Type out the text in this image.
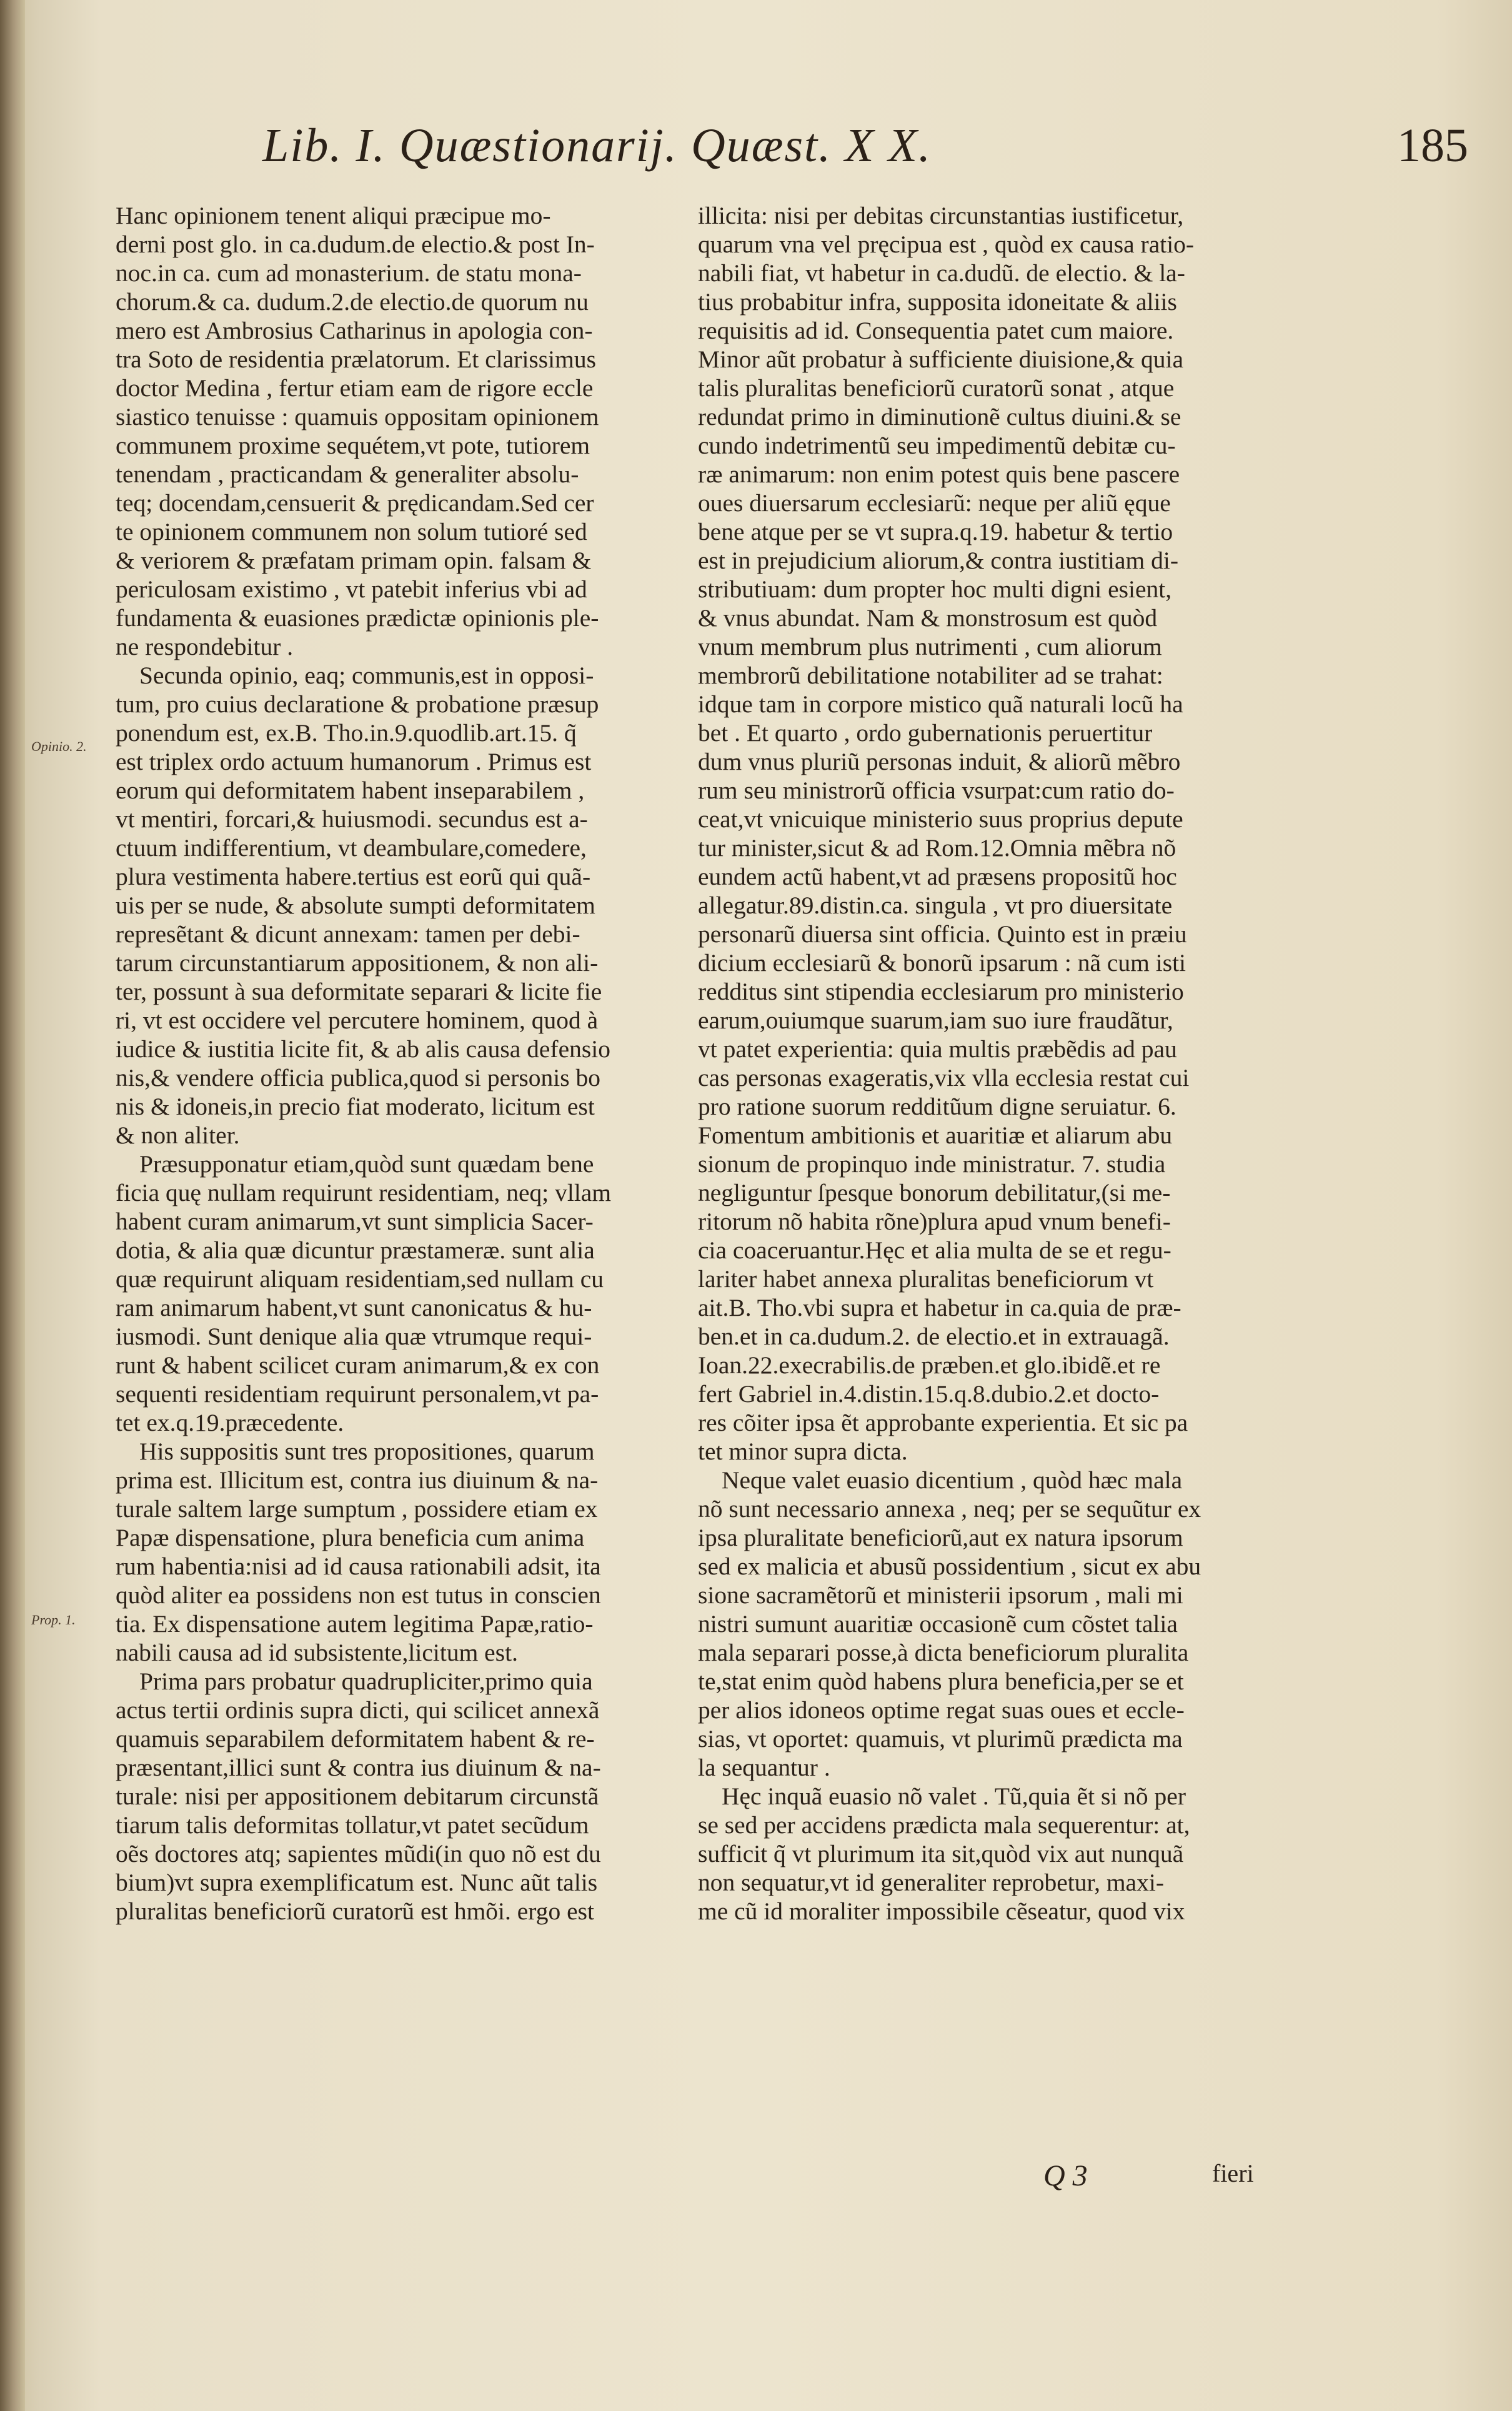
Lib. I. Quæstionarij. Quæst. X X.	185
Opinio. 2.
Prop. 1.

Hanc opinionem tenent aliqui præcipue mo-

derni post glo. in ca.dudum.de electio.& post In-

noc.in ca. cum ad monasterium. de statu mona-

chorum.& ca. dudum.2.de electio.de quorum nu

mero est Ambrosius Catharinus in apologia con-

tra Soto de residentia prælatorum. Et clarissimus

doctor Medina , fertur etiam eam de rigore eccle

siastico tenuisse : quamuis oppositam opinionem

communem proxime sequétem,vt pote, tutiorem

tenendam , practicandam & generaliter absolu-

teq; docendam,censuerit & prędicandam.Sed cer

te opinionem communem non solum tutioré sed

& veriorem & præfatam primam opin. falsam &

periculosam existimo , vt patebit inferius vbi ad

fundamenta & euasiones prædictæ opinionis ple-

ne respondebitur .

Secunda opinio, eaq; communis,est in opposi-

tum, pro cuius declaratione & probatione præsup

ponendum est, ex.B. Tho.in.9.quodlib.art.15. q̃

est triplex ordo actuum humanorum . Primus est

eorum qui deformitatem habent inseparabilem ,

vt mentiri, forcari,& huiusmodi. secundus est a-

ctuum indifferentium, vt deambulare,comedere,

plura vestimenta habere.tertius est eorũ qui quã-

uis per se nude, & absolute sumpti deformitatem

represẽtant & dicunt annexam: tamen per debi-

tarum circunstantiarum appositionem, & non ali-

ter, possunt à sua deformitate separari & licite fie

ri, vt est occidere vel percutere hominem, quod à

iudice & iustitia licite fit, & ab alis causa defensio

nis,& vendere officia publica,quod si personis bo

nis & idoneis,in precio fiat moderato, licitum est

& non aliter.

Præsupponatur etiam,quòd sunt quædam bene

ficia quę nullam requirunt residentiam, neq; vllam

habent curam animarum,vt sunt simplicia Sacer-

dotia, & alia quæ dicuntur præstameræ. sunt alia

quæ requirunt aliquam residentiam,sed nullam cu

ram animarum habent,vt sunt canonicatus & hu-

iusmodi. Sunt denique alia quæ vtrumque requi-

runt & habent scilicet curam animarum,& ex con

sequenti residentiam requirunt personalem,vt pa-

tet ex.q.19.præcedente.

His suppositis sunt tres propositiones, quarum

prima est. Illicitum est, contra ius diuinum & na-

turale saltem large sumptum , possidere etiam ex

Papæ dispensatione, plura beneficia cum anima

rum habentia:nisi ad id causa rationabili adsit, ita

quòd aliter ea possidens non est tutus in conscien

tia. Ex dispensatione autem legitima Papæ,ratio-

nabili causa ad id subsistente,licitum est.

Prima pars probatur quadrupliciter,primo quia

actus tertii ordinis supra dicti, qui scilicet annexã

quamuis separabilem deformitatem habent & re-

præsentant,illici sunt & contra ius diuinum & na-

turale: nisi per appositionem debitarum circunstã

tiarum talis deformitas tollatur,vt patet secũdum

oẽs doctores atq; sapientes mũdi(in quo nõ est du

bium)vt supra exemplificatum est. Nunc aũt talis

pluralitas beneficiorũ curatorũ est hmõi. ergo est

illicita: nisi per debitas circunstantias iustificetur,

quarum vna vel pręcipua est , quòd ex causa ratio-

nabili fiat, vt habetur in ca.dudũ. de electio. & la-

tius probabitur infra, supposita idoneitate & aliis

requisitis ad id. Consequentia patet cum maiore.

Minor aũt probatur à sufficiente diuisione,& quia

talis pluralitas beneficiorũ curatorũ sonat , atque

redundat primo in diminutionẽ cultus diuini.& se

cundo indetrimentũ seu impedimentũ debitæ cu-

ræ animarum: non enim potest quis bene pascere

oues diuersarum ecclesiarũ: neque per aliũ ęque

bene atque per se vt supra.q.19. habetur & tertio

est in prejudicium aliorum,& contra iustitiam di-

stributiuam: dum propter hoc multi digni esient,

& vnus abundat. Nam & monstrosum est quòd

vnum membrum plus nutrimenti , cum aliorum

membrorũ debilitatione notabiliter ad se trahat:

idque tam in corpore mistico quã naturali locũ ha

bet . Et quarto , ordo gubernationis peruertitur

dum vnus pluriũ personas induit, & aliorũ mẽbro

rum seu ministrorũ officia vsurpat:cum ratio do-

ceat,vt vnicuique ministerio suus proprius depute

tur minister,sicut & ad Rom.12.Omnia mẽbra nõ

eundem actũ habent,vt ad præsens propositũ hoc

allegatur.89.distin.ca. singula , vt pro diuersitate

personarũ diuersa sint officia. Quinto est in præiu

dicium ecclesiarũ & bonorũ ipsarum : nã cum isti

redditus sint stipendia ecclesiarum pro ministerio

earum,ouiumque suarum,iam suo iure fraudãtur,

vt patet experientia: quia multis præbẽdis ad pau

cas personas exageratis,vix vlla ecclesia restat cui

pro ratione suorum redditũum digne seruiatur. 6.

Fomentum ambitionis et auaritiæ et aliarum abu

sionum de propinquo inde ministratur. 7. studia

negliguntur ſpesque bonorum debilitatur,(si me-

ritorum nõ habita rõne)plura apud vnum benefi-

cia coaceruantur.Hęc et alia multa de se et regu-

lariter habet annexa pluralitas beneficiorum vt

ait.B. Tho.vbi supra et habetur in ca.quia de præ-

ben.et in ca.dudum.2. de electio.et in extrauagã.

Ioan.22.execrabilis.de præben.et glo.ibidẽ.et re

fert Gabriel in.4.distin.15.q.8.dubio.2.et docto-

res cõiter ipsa ẽt approbante experientia. Et sic pa

tet minor supra dicta.

Neque valet euasio dicentium , quòd hæc mala

nõ sunt necessario annexa , neq; per se sequũtur ex

ipsa pluralitate beneficiorũ,aut ex natura ipsorum

sed ex malicia et abusũ possidentium , sicut ex abu

sione sacramẽtorũ et ministerii ipsorum , mali mi

nistri sumunt auaritiæ occasionẽ cum cõstet talia

mala separari posse,à dicta beneficiorum pluralita

te,stat enim quòd habens plura beneficia,per se et

per alios idoneos optime regat suas oues et eccle-

sias, vt oportet: quamuis, vt plurimũ prædicta ma

la sequantur .

Hęc inquã euasio nõ valet . Tũ,quia ẽt si nõ per

se sed per accidens prædicta mala sequerentur: at,

sufficit q̃ vt plurimum ita sit,quòd vix aut nunquã

non sequatur,vt id generaliter reprobetur, maxi-

me cũ id moraliter impossibile cẽseatur, quod vix

Q 3	fieri
